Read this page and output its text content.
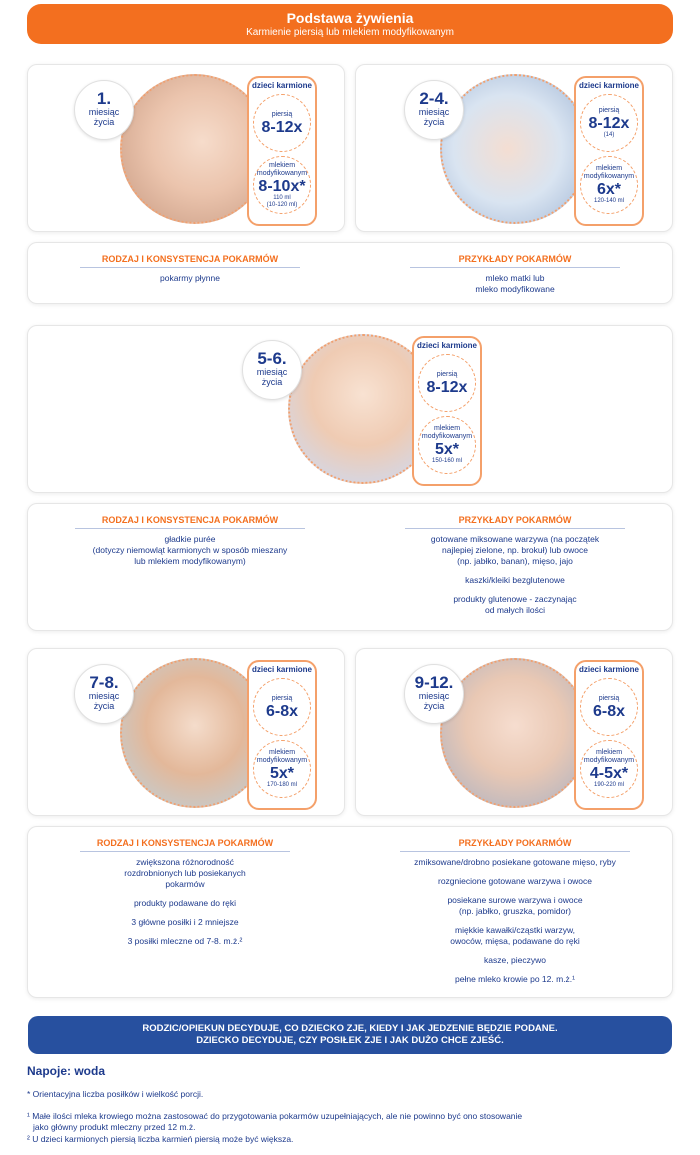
Podstawa żywienia
Karmienie piersią lub mlekiem modyfikowanym
1.
miesiąc
życia
dzieci karmione
piersią
8-12x
mlekiem
modyfikowanym
8-10x*
110 ml
(10-120 ml)
2-4.
miesiąc
życia
dzieci karmione
piersią
8-12x
(14)
mlekiem
modyfikowanym
6x*
120-140 ml
RODZAJ I KONSYSTENCJA POKARMÓW
pokarmy płynne
PRZYKŁADY POKARMÓW
mleko matki lub
mleko modyfikowane
5-6.
miesiąc
życia
dzieci karmione
piersią
8-12x
mlekiem
modyfikowanym
5x*
150-160 ml
RODZAJ I KONSYSTENCJA POKARMÓW
gładkie purée
(dotyczy niemowląt karmionych w sposób mieszany
lub mlekiem modyfikowanym)
PRZYKŁADY POKARMÓW

gotowane miksowane warzywa (na początek
najlepiej zielone, np. brokuł) lub owoce
(np. jabłko, banan), mięso, jajo

kaszki/kleiki bezglutenowe

produkty glutenowe - zaczynając
od małych ilości

7-8.
miesiąc
życia
dzieci karmione
piersią
6-8x
mlekiem
modyfikowanym
5x*
170-180 ml
9-12.
miesiąc
życia
dzieci karmione
piersią
6-8x
mlekiem
modyfikowanym
4-5x*
190-220 ml
RODZAJ I KONSYSTENCJA POKARMÓW

zwiększona różnorodność
rozdrobnionych lub posiekanych
pokarmów

produkty podawane do ręki

3 główne posiłki i 2 mniejsze

3 posiłki mleczne od 7-8. m.ż.²

PRZYKŁADY POKARMÓW

zmiksowane/drobno posiekane gotowane mięso, ryby

rozgniecione gotowane warzywa i owoce

posiekane surowe warzywa i owoce
(np. jabłko, gruszka, pomidor)

miękkie kawałki/cząstki warzyw,
owoców, mięsa, podawane do ręki

kasze, pieczywo

pełne mleko krowie po 12. m.ż.¹

RODZIC/OPIEKUN DECYDUJE, CO DZIECKO ZJE, KIEDY I JAK JEDZENIE BĘDZIE PODANE.
DZIECKO DECYDUJE, CZY POSIŁEK ZJE I JAK DUŻO CHCE ZJEŚĆ.
Napoje: woda
* Orientacyjna liczba posiłków i wielkość porcji.
¹ Małe ilości mleka krowiego można zastosować do przygotowania pokarmów uzupełniających, ale nie powinno być ono stosowanie
jako główny produkt mleczny przed 12 m.ż.
² U dzieci karmionych piersią liczba karmień piersią może być większa.
